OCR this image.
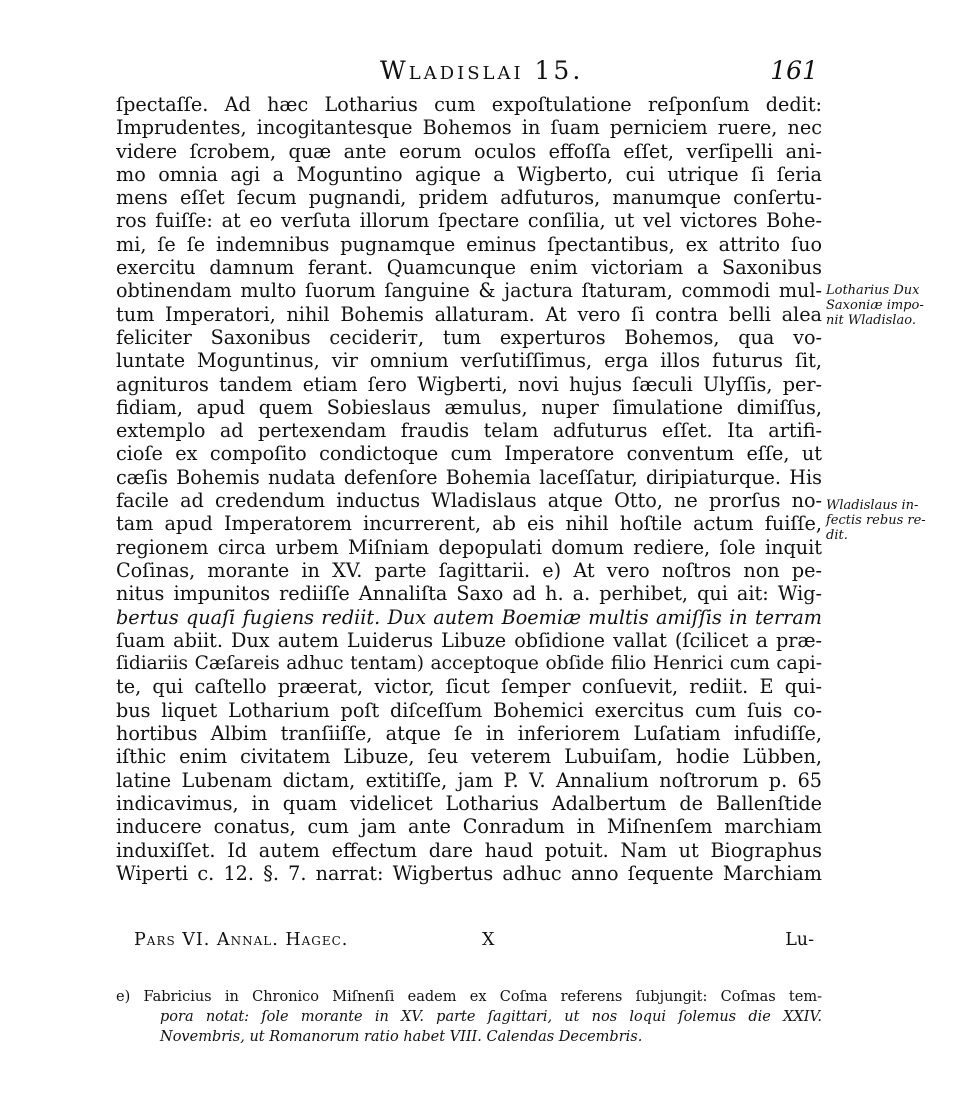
Wladislai 15.	161
ſpectaſſe. Ad hæc Lotharius cum expoſtulatione reſponſum dedit:
Imprudentes, incogitantesque Bohemos in ſuam perniciem ruere, nec
videre ſcrobem, quæ ante eorum oculos effoſſa eſſet, verſipelli ani-
mo omnia agi a Moguntino agique a Wigberto, cui utrique ſi ſeria
mens eſſet ſecum pugnandi, pridem adfuturos, manumque conſertu-
ros fuiſſe: at eo verſuta illorum ſpectare conſilia, ut vel victores Bohe-
mi, ſe ſe indemnibus pugnamque eminus ſpectantibus, ex attrito ſuo
exercitu damnum ferant. Quamcunque enim victoriam a Saxonibus
obtinendam multo ſuorum ſanguine & jactura ſtaturam, commodi mul-
tum Imperatori, nihil Bohemis allaturam. At vero ſi contra belli alea
feliciter Saxonibus cecideriт, tum experturos Bohemos, qua vo-
luntate Moguntinus, vir omnium verſutiſſimus, erga illos futurus ſit,
agnituros tandem etiam ſero Wigberti, novi hujus ſæculi Ulyſſis, per-
fidiam, apud quem Sobieslaus æmulus, nuper ſimulatione dimiſſus,
extemplo ad pertexendam fraudis telam adfuturus eſſet. Ita artifi-
cioſe ex compoſito condictoque cum Imperatore conventum eſſe, ut
cæſis Bohemis nudata defenſore Bohemia laceſſatur, diripiaturque. His
facile ad credendum inductus Wladislaus atque Otto, ne prorſus no-
tam apud Imperatorem incurrerent, ab eis nihil hoſtile actum fuiſſe,
regionem circa urbem Miſniam depopulati domum rediere, ſole inquit
Coſinas, morante in XV. parte ſagittarii. e) At vero noſtros non pe-
nitus impunitos rediiſſe Annaliſta Saxo ad h. a. perhibet, qui ait: Wig-
bertus quaſi fugiens rediit. Dux autem Boemiæ multis amiſſis in terram
ſuam abiit. Dux autem Luiderus Libuze obſidione vallat (ſcilicet a præ-
ſidiariis Cæſareis adhuc tentam) acceptoque obſide filio Henrici cum capi-
te, qui caſtello præerat, victor, ſicut ſemper conſuevit, rediit. E qui-
bus liquet Lotharium poſt diſceſſum Bohemici exercitus cum ſuis co-
hortibus Albim tranſiiſſe, atque ſe in inferiorem Luſatiam infudiſſe,
iſthic enim civitatem Libuze, ſeu veterem Lubuiſam, hodie Lübben,
latine Lubenam dictam, extitiſſe, jam P. V. Annalium noſtrorum p. 65
indicavimus, in quam videlicet Lotharius Adalbertum de Ballenſtide
inducere conatus, cum jam ante Conradum in Miſnenſem marchiam
induxiſſet. Id autem effectum dare haud potuit. Nam ut Biographus
Wiperti c. 12. §. 7. narrat: Wigbertus adhuc anno ſequente Marchiam
Lotharius Dux
Saxoniæ impo-
nit Wladislao.
Wladislaus in-
fectis rebus re-
dit.
Pars VI. Annal. Hagec.	X	Lu-
e) Fabricius in Chronico Miſnenſi eadem ex Coſma referens ſubjungit: Coſmas tem-
pora notat: ſole morante in XV. parte ſagittari, ut nos loqui ſolemus die XXIV.
Novembris, ut Romanorum ratio habet VIII. Calendas Decembris.
